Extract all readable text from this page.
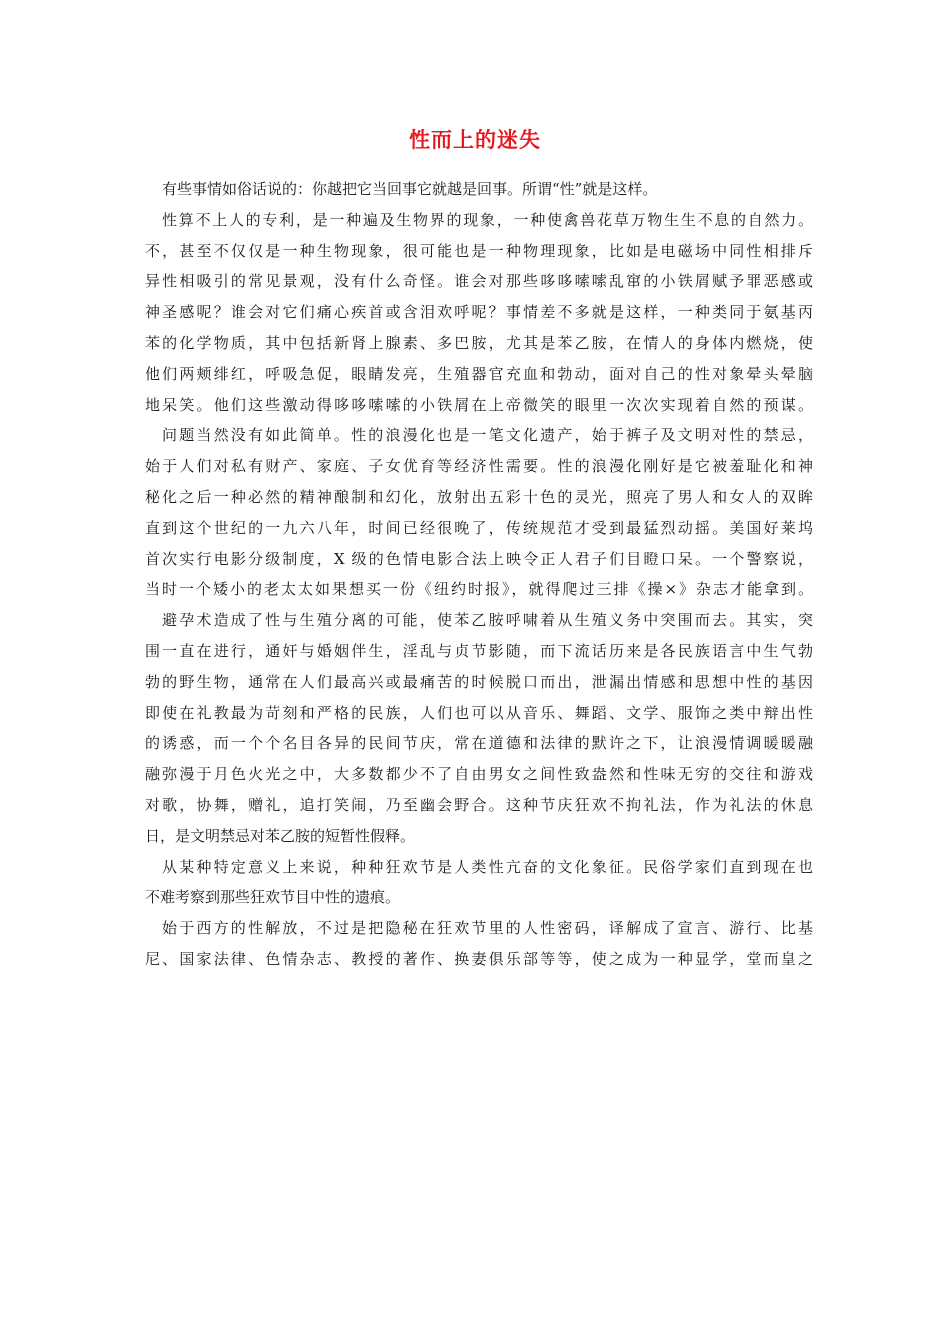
性而上的迷失
有些事情如俗话说的：你越把它当回事它就越是回事。所谓“性”就是这样。
性算不上人的专利，是一种遍及生物界的现象，一种使禽兽花草万物生生不息的自然力。
不，甚至不仅仅是一种生物现象，很可能也是一种物理现象，比如是电磁场中同性相排斥
异性相吸引的常见景观，没有什么奇怪。谁会对那些哆哆嗦嗦乱窜的小铁屑赋予罪恶感或
神圣感呢？谁会对它们痛心疾首或含泪欢呼呢？事情差不多就是这样，一种类同于氨基丙
苯的化学物质，其中包括新肾上腺素、多巴胺，尤其是苯乙胺，在情人的身体内燃烧，使
他们两颊绯红，呼吸急促，眼睛发亮，生殖器官充血和勃动，面对自己的性对象晕头晕脑
地呆笑。他们这些激动得哆哆嗦嗦的小铁屑在上帝微笑的眼里一次次实现着自然的预谋。
问题当然没有如此简单。性的浪漫化也是一笔文化遗产，始于裤子及文明对性的禁忌，
始于人们对私有财产、家庭、子女优育等经济性需要。性的浪漫化刚好是它被羞耻化和神
秘化之后一种必然的精神酿制和幻化，放射出五彩十色的灵光，照亮了男人和女人的双眸
直到这个世纪的一九六八年，时间已经很晚了，传统规范才受到最猛烈动摇。美国好莱坞
首次实行电影分级制度，X 级的色情电影合法上映令正人君子们目瞪口呆。一个警察说，
当时一个矮小的老太太如果想买一份《纽约时报》，就得爬过三排《操×》杂志才能拿到。
避孕术造成了性与生殖分离的可能，使苯乙胺呼啸着从生殖义务中突围而去。其实，突
围一直在进行，通奸与婚姻伴生，淫乱与贞节影随，而下流话历来是各民族语言中生气勃
勃的野生物，通常在人们最高兴或最痛苦的时候脱口而出，泄漏出情感和思想中性的基因
即使在礼教最为苛刻和严格的民族，人们也可以从音乐、舞蹈、文学、服饰之类中辩出性
的诱惑，而一个个名目各异的民间节庆，常在道德和法律的默许之下，让浪漫情调暖暖融
融弥漫于月色火光之中，大多数都少不了自由男女之间性致盎然和性味无穷的交往和游戏
对歌，协舞，赠礼，追打笑闹，乃至幽会野合。这种节庆狂欢不拘礼法，作为礼法的休息
日，是文明禁忌对苯乙胺的短暂性假释。
从某种特定意义上来说，种种狂欢节是人类性亢奋的文化象征。民俗学家们直到现在也
不难考察到那些狂欢节目中性的遗痕。
始于西方的性解放，不过是把隐秘在狂欢节里的人性密码，译解成了宣言、游行、比基
尼、国家法律、色情杂志、教授的著作、换妻俱乐部等等，使之成为一种显学，堂而皇之
